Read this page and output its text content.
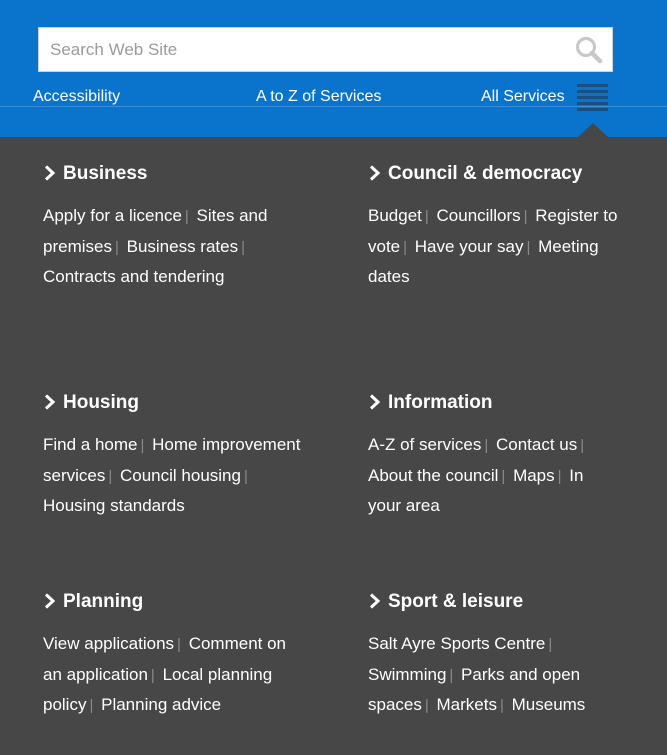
Search Web Site
Accessibility	A to Z of Services	All Services
Business
Apply for a licence | Sites and premises | Business rates | Contracts and tendering
Council & democracy
Budget | Councillors | Register to vote | Have your say | Meeting dates
Housing
Find a home | Home improvement services | Council housing | Housing standards
Information
A-Z of services | Contact us | About the council | Maps | In your area
Planning
View applications | Comment on an application | Local planning policy | Planning advice
Sport & leisure
Salt Ayre Sports Centre | Swimming | Parks and open spaces | Markets | Museums
